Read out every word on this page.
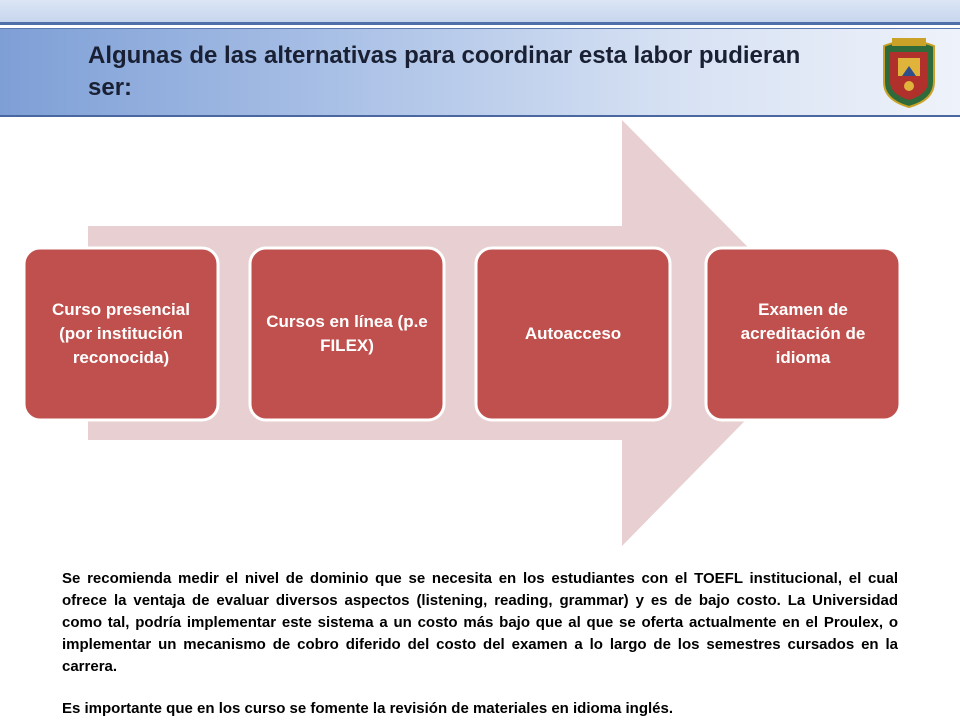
Algunas de las alternativas para coordinar esta labor pudieran ser:
Curso presencial (por institución reconocida)
Cursos en línea (p.e FILEX)
Autoacceso
Examen de acreditación de idioma

Se recomienda medir el nivel de dominio que se necesita en los estudiantes con el TOEFL institucional, el cual ofrece la ventaja de evaluar diversos aspectos (listening, reading, grammar) y es de bajo costo. La Universidad como tal, podría implementar este sistema a un costo más bajo que al que se oferta actualmente en el Proulex, o implementar un mecanismo de cobro diferido del costo del examen a lo largo de los semestres cursados en la carrera.

Es importante que en los curso se fomente la revisión de materiales en idioma inglés.
